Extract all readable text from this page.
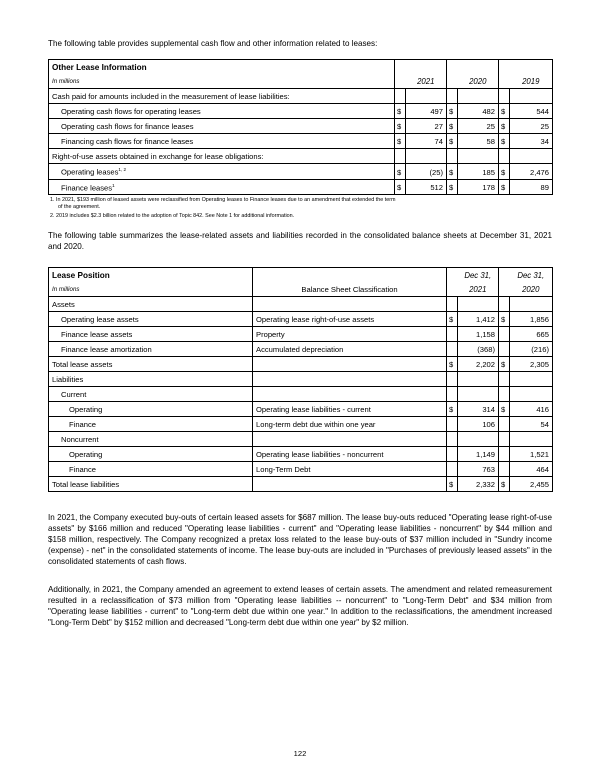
The following table provides supplemental cash flow and other information related to leases:

Other Lease Information						
In millions		2021		2020		2019
Cash paid for amounts included in the measurement of lease liabilities:						
Operating cash flows for operating leases	$	497	$	482	$	544
Operating cash flows for finance leases	$	27	$	25	$	25
Financing cash flows for finance leases	$	74	$	58	$	34
Right-of-use assets obtained in exchange for lease obligations:						
Operating leases$^{1, 2}$	$	(25)	$	185	$	2,476
Finance leases$^1$	$	512	$	178	$	89
1. In 2021, $193 million of leased assets were reclassified from Operating leases to Finance leases due to an amendment that extended the term
of the agreement.
2. 2019 includes $2.3 billion related to the adoption of Topic 842. See Note 1 for additional information.

The following table summarizes the lease-related assets and liabilities recorded in the consolidated balance sheets at December 31, 2021 and 2020.

Lease Position	Balance Sheet Classification		Dec 31,		Dec 31,
In millions			2021		2020
Assets					
Operating lease assets	Operating lease right-of-use assets	$	1,412	$	1,856
Finance lease assets	Property		1,158		665
Finance lease amortization	Accumulated depreciation		(368)		(216)
Total lease assets		$	2,202	$	2,305
Liabilities					
Current					
Operating	Operating lease liabilities - current	$	314	$	416
Finance	Long-term debt due within one year		106		54
Noncurrent					
Operating	Operating lease liabilities - noncurrent		1,149		1,521
Finance	Long-Term Debt		763		464
Total lease liabilities		$	2,332	$	2,455

In 2021, the Company executed buy-outs of certain leased assets for $687 million. The lease buy-outs reduced "Operating lease right-of-use assets" by $166 million and reduced "Operating lease liabilities - current" and "Operating lease liabilities - noncurrent" by $44 million and $158 million, respectively. The Company recognized a pretax loss related to the lease buy-outs of $37 million included in "Sundry income (expense) - net" in the consolidated statements of income. The lease buy-outs are included in "Purchases of previously leased assets" in the consolidated statements of cash flows.

Additionally, in 2021, the Company amended an agreement to extend leases of certain assets. The amendment and related remeasurement resulted in a reclassification of $73 million from "Operating lease liabilities -- noncurrent" to "Long-Term Debt" and $34 million from "Operating lease liabilities - current" to "Long-term debt due within one year." In addition to the reclassifications, the amendment increased "Long-Term Debt" by $152 million and decreased "Long-term debt due within one year" by $2 million.

122
